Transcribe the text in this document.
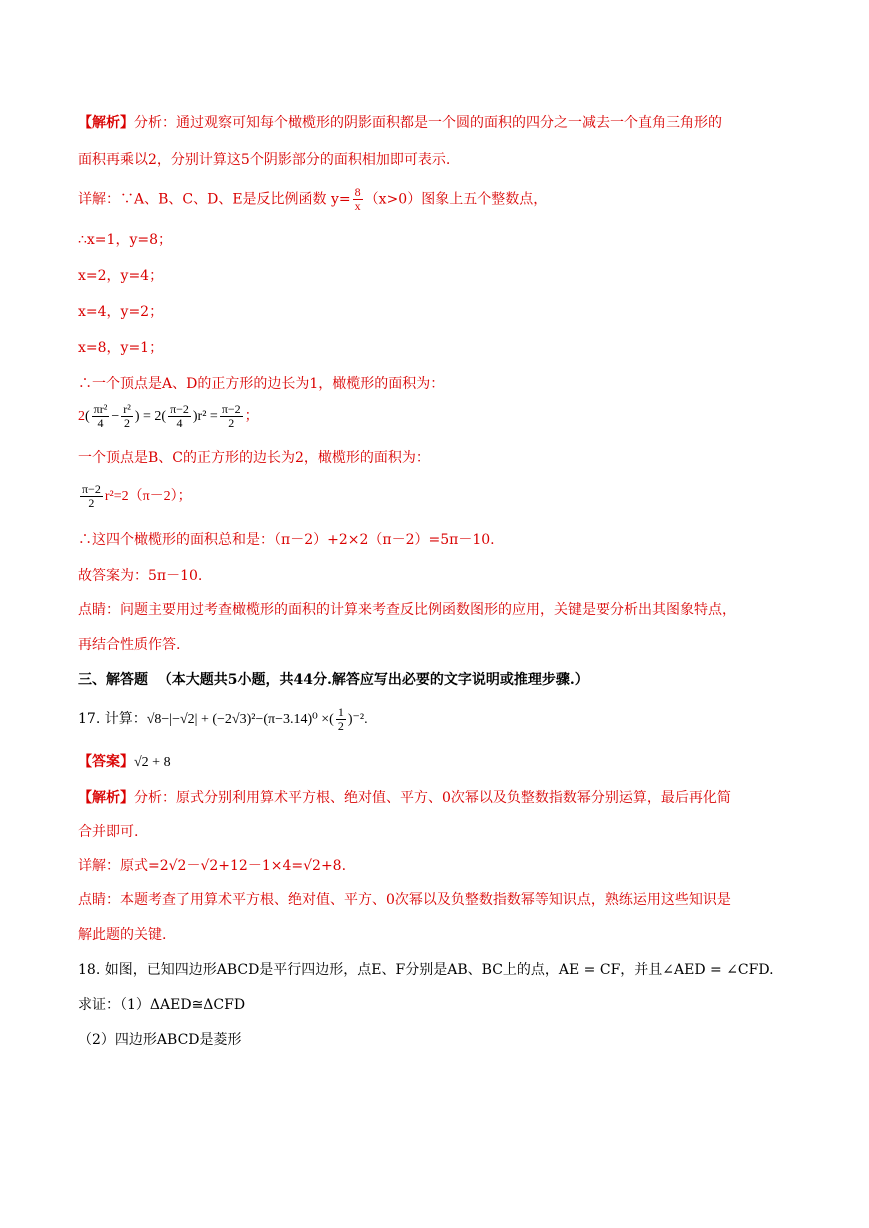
【解析】分析：通过观察可知每个橄榄形的阴影面积都是一个圆的面积的四分之一减去一个直角三角形的
面积再乘以2，分别计算这5个阴影部分的面积相加即可表示.
详解：∵A、B、C、D、E是反比例函数 $y= \frac{8}{x} (x>0)$图象上五个整数点，
∴x=1，y=8；
x=2，y=4；
x=4，y=2；
x=8，y=1；
∴一个顶点是A、D的正方形的边长为1，橄榄形的面积为：
$2( \frac{\text{πr²}}{4} - \frac{\text{r²}}{2}$ ) = $2( \frac{\pi-2}{4} )r^2 = \frac{\pi-2}{2}$ ；
一个顶点是B、C的正方形的边长为2，橄榄形的面积为：
$\frac{\pi-2}{2} r^2=2(\pi-2)$；
∴这四个橄榄形的面积总和是：（π－2）+2×2（π－2）=5π－10.
故答案为：5π－10.
点睛：问题主要用过考查橄榄形的面积的计算来考查反比例函数图形的应用，关键是要分析出其图象特点，
再结合性质作答.
三、解答题 （本大题共5小题，共44分.解答应写出必要的文字说明或推理步骤.）
17. 计算：√8−|−√2| + (−2√3)²−(π−3.14)⁰ ×( $\frac{1}{2} )^{-2}$.
【答案】√2 + 8
【解析】分析：原式分别利用算术平方根、绝对值、平方、0次幂以及负整数指数幂分别运算，最后再化简
合并即可.
详解：原式=2√2－√2+12－1×4=√2+8.
点睛：本题考查了用算术平方根、绝对值、平方、0次幂以及负整数指数幂等知识点，熟练运用这些知识是
解此题的关键.
18. 如图，已知四边形ABCD是平行四边形，点E、F分别是AB、BC上的点，AE = CF，并且∠AED = ∠CFD.
求证：（1）ΔAED≅ΔCFD
（2）四边形ABCD是菱形
